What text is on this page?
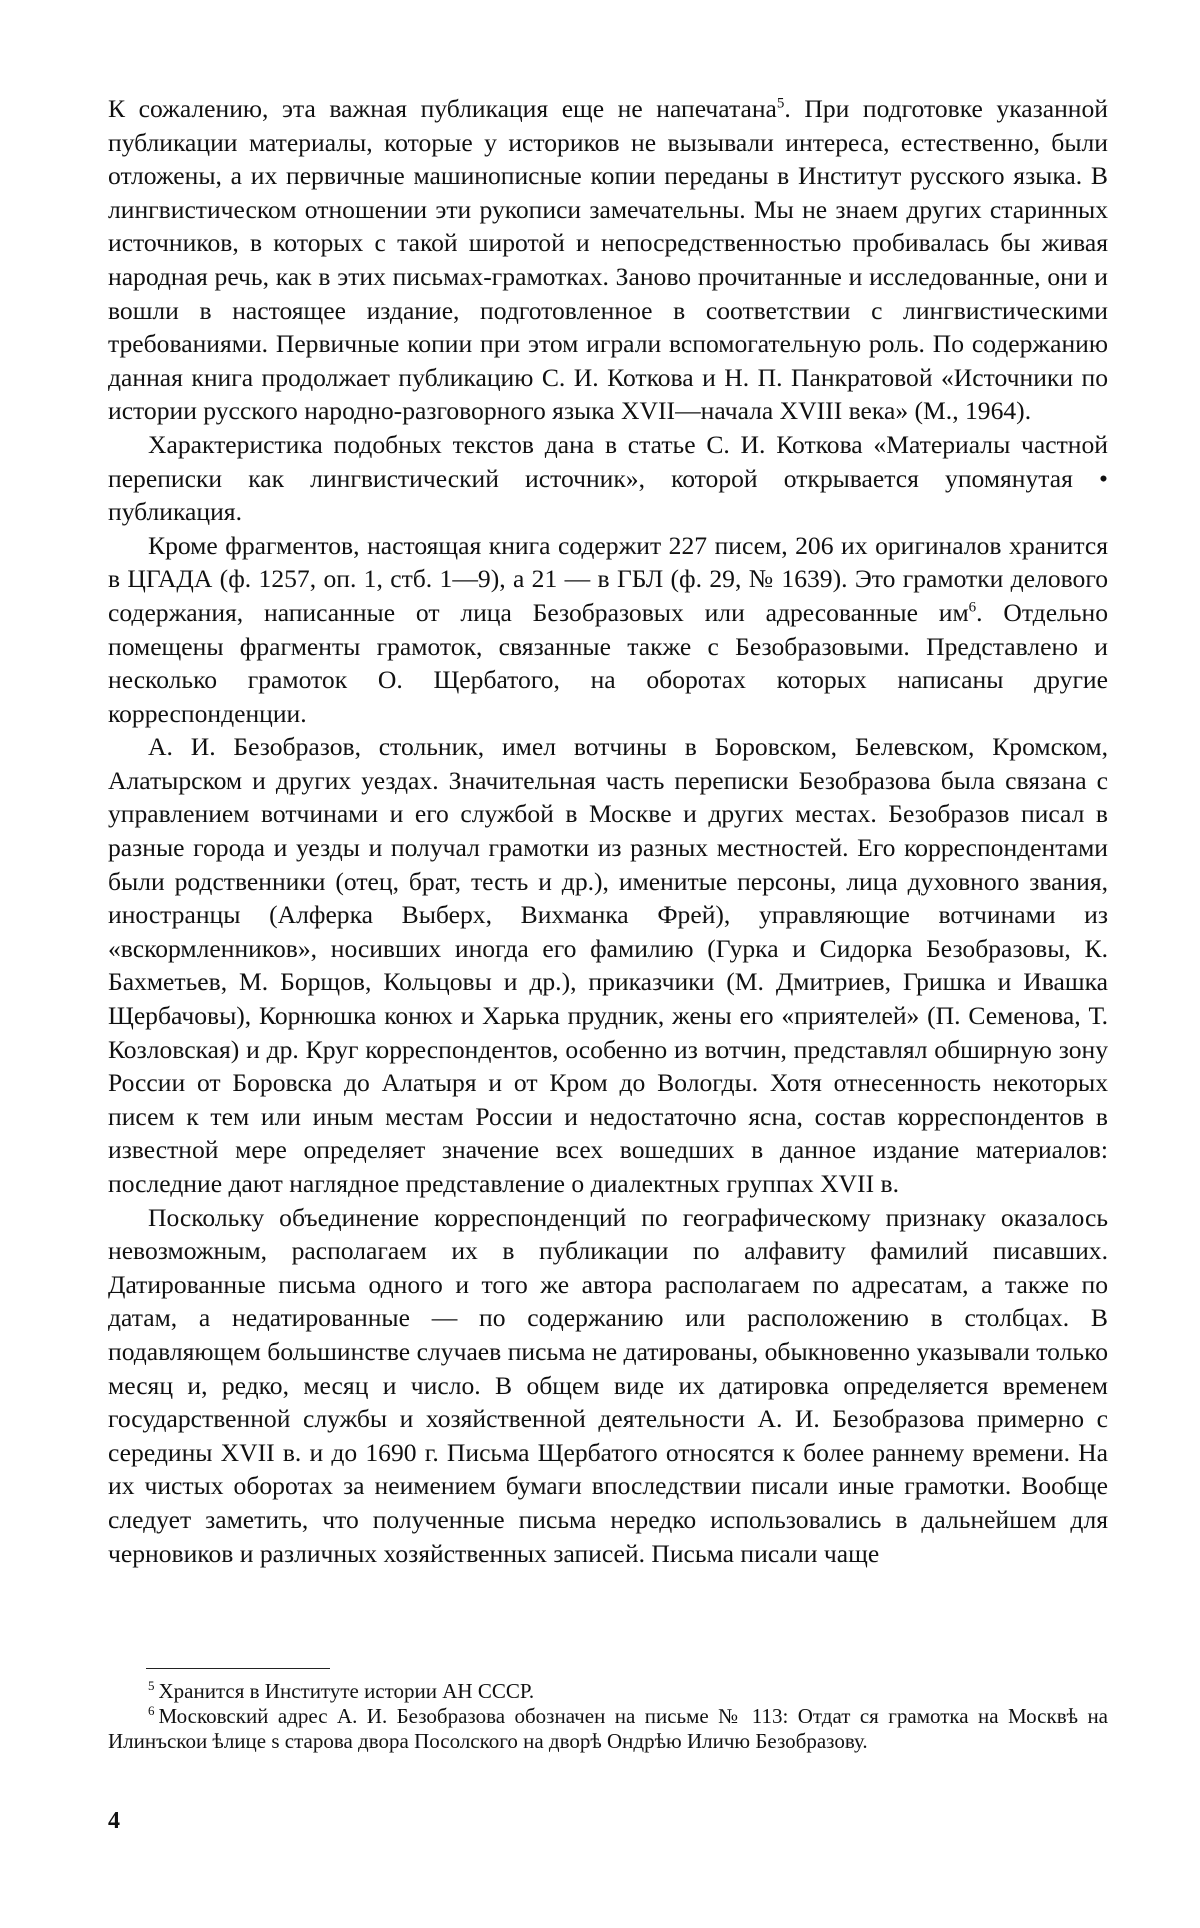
К сожалению, эта важная публикация еще не напечатана$^5$. При подготовке указанной публикации материалы, которые у историков не вызывали интереса, естественно, были отложены, а их первичные машинописные копии переданы в Институт русского языка. В лингвистическом отношении эти рукописи замечательны. Мы не знаем других старинных источников, в которых с такой широтой и непосредственностью пробивалась бы живая народная речь, как в этих письмах-грамотках. Заново прочитанные и исследованные, они и вошли в настоящее издание, подготовленное в соответствии с лингвистическими требованиями. Первичные копии при этом играли вспомогательную роль. По содержанию данная книга продолжает публикацию С. И. Коткова и Н. П. Панкратовой «Источники по истории русского народно-разговорного языка XVII—начала XVIII века» (М., 1964).

Характеристика подобных текстов дана в статье С. И. Коткова «Материалы частной переписки как лингвистический источник», которой открывается упомянутая • публикация.

Кроме фрагментов, настоящая книга содержит 227 писем, 206 их оригиналов хранится в ЦГАДА (ф. 1257, оп. 1, стб. 1—9), а 21 — в ГБЛ (ф. 29, № 1639). Это грамотки делового содержания, написанные от лица Безобразовых или адресованные $им^6$. Отдельно помещены фрагменты грамоток, связанные также с Безобразовыми. Представлено и несколько грамоток О. Щербатого, на оборотах которых написаны другие корреспонденции.

А. И. Безобразов, стольник, имел вотчины в Боровском, Белевском, Кромском, Алатырском и других уездах. Значительная часть переписки Безобразова была связана с управлением вотчинами и его службой в Москве и других местах. Безобразов писал в разные города и уезды и получал грамотки из разных местностей. Его корреспондентами были родственники (отец, брат, тесть и др.), именитые персоны, лица духовного звания, иностранцы (Алферка Выберх, Вихманка Фрей), управляющие вотчинами из «вскормленников», носивших иногда его фамилию (Гурка и Сидорка Безобразовы, К. Бахметьев, М. Борщов, Кольцовы и др.), приказчики (М. Дмитриев, Гришка и Ивашка Щербачовы), Корнюшка конюх и Харька прудник, жены его «приятелей» (П. Семенова, Т. Козловская) и др. Круг корреспондентов, особенно из вотчин, представлял обширную зону России от Боровска до Алатыря и от Кром до Вологды. Хотя отнесенность некоторых писем к тем или иным местам России и недостаточно ясна, состав корреспондентов в известной мере определяет значение всех вошедших в данное издание материалов: последние дают наглядное представление о диалектных группах XVII в.

Поскольку объединение корреспонденций по географическому признаку оказалось невозможным, располагаем их в публикации по алфавиту фамилий писавших. Датированные письма одного и того же автора располагаем по адресатам, а также по датам, а недатированные — по содержанию или расположению в столбцах. В подавляющем большинстве случаев письма не датированы, обыкновенно указывали только месяц и, редко, месяц и число. В общем виде их датировка определяется временем государственной службы и хозяйственной деятельности А. И. Безобразова примерно с середины XVII в. и до 1690 г. Письма Щербатого относятся к более раннему времени. На их чистых оборотах за неимением бумаги впоследствии писали иные грамотки. Вообще следует заметить, что полученные письма нередко использовались в дальнейшем для черновиков и различных хозяйственных записей. Письма писали чаще

$^5$ Хранится в Институте истории АН СССР.

$^6$ Московский адрес А. И. Безобразова обозначен на письме № 113: Отдат ся грамотка на Москвѣ на Илинъскои ѣлице ѕ старова двора Посолского на дворѣ Ондрѣю Иличю Безобразову.

4
